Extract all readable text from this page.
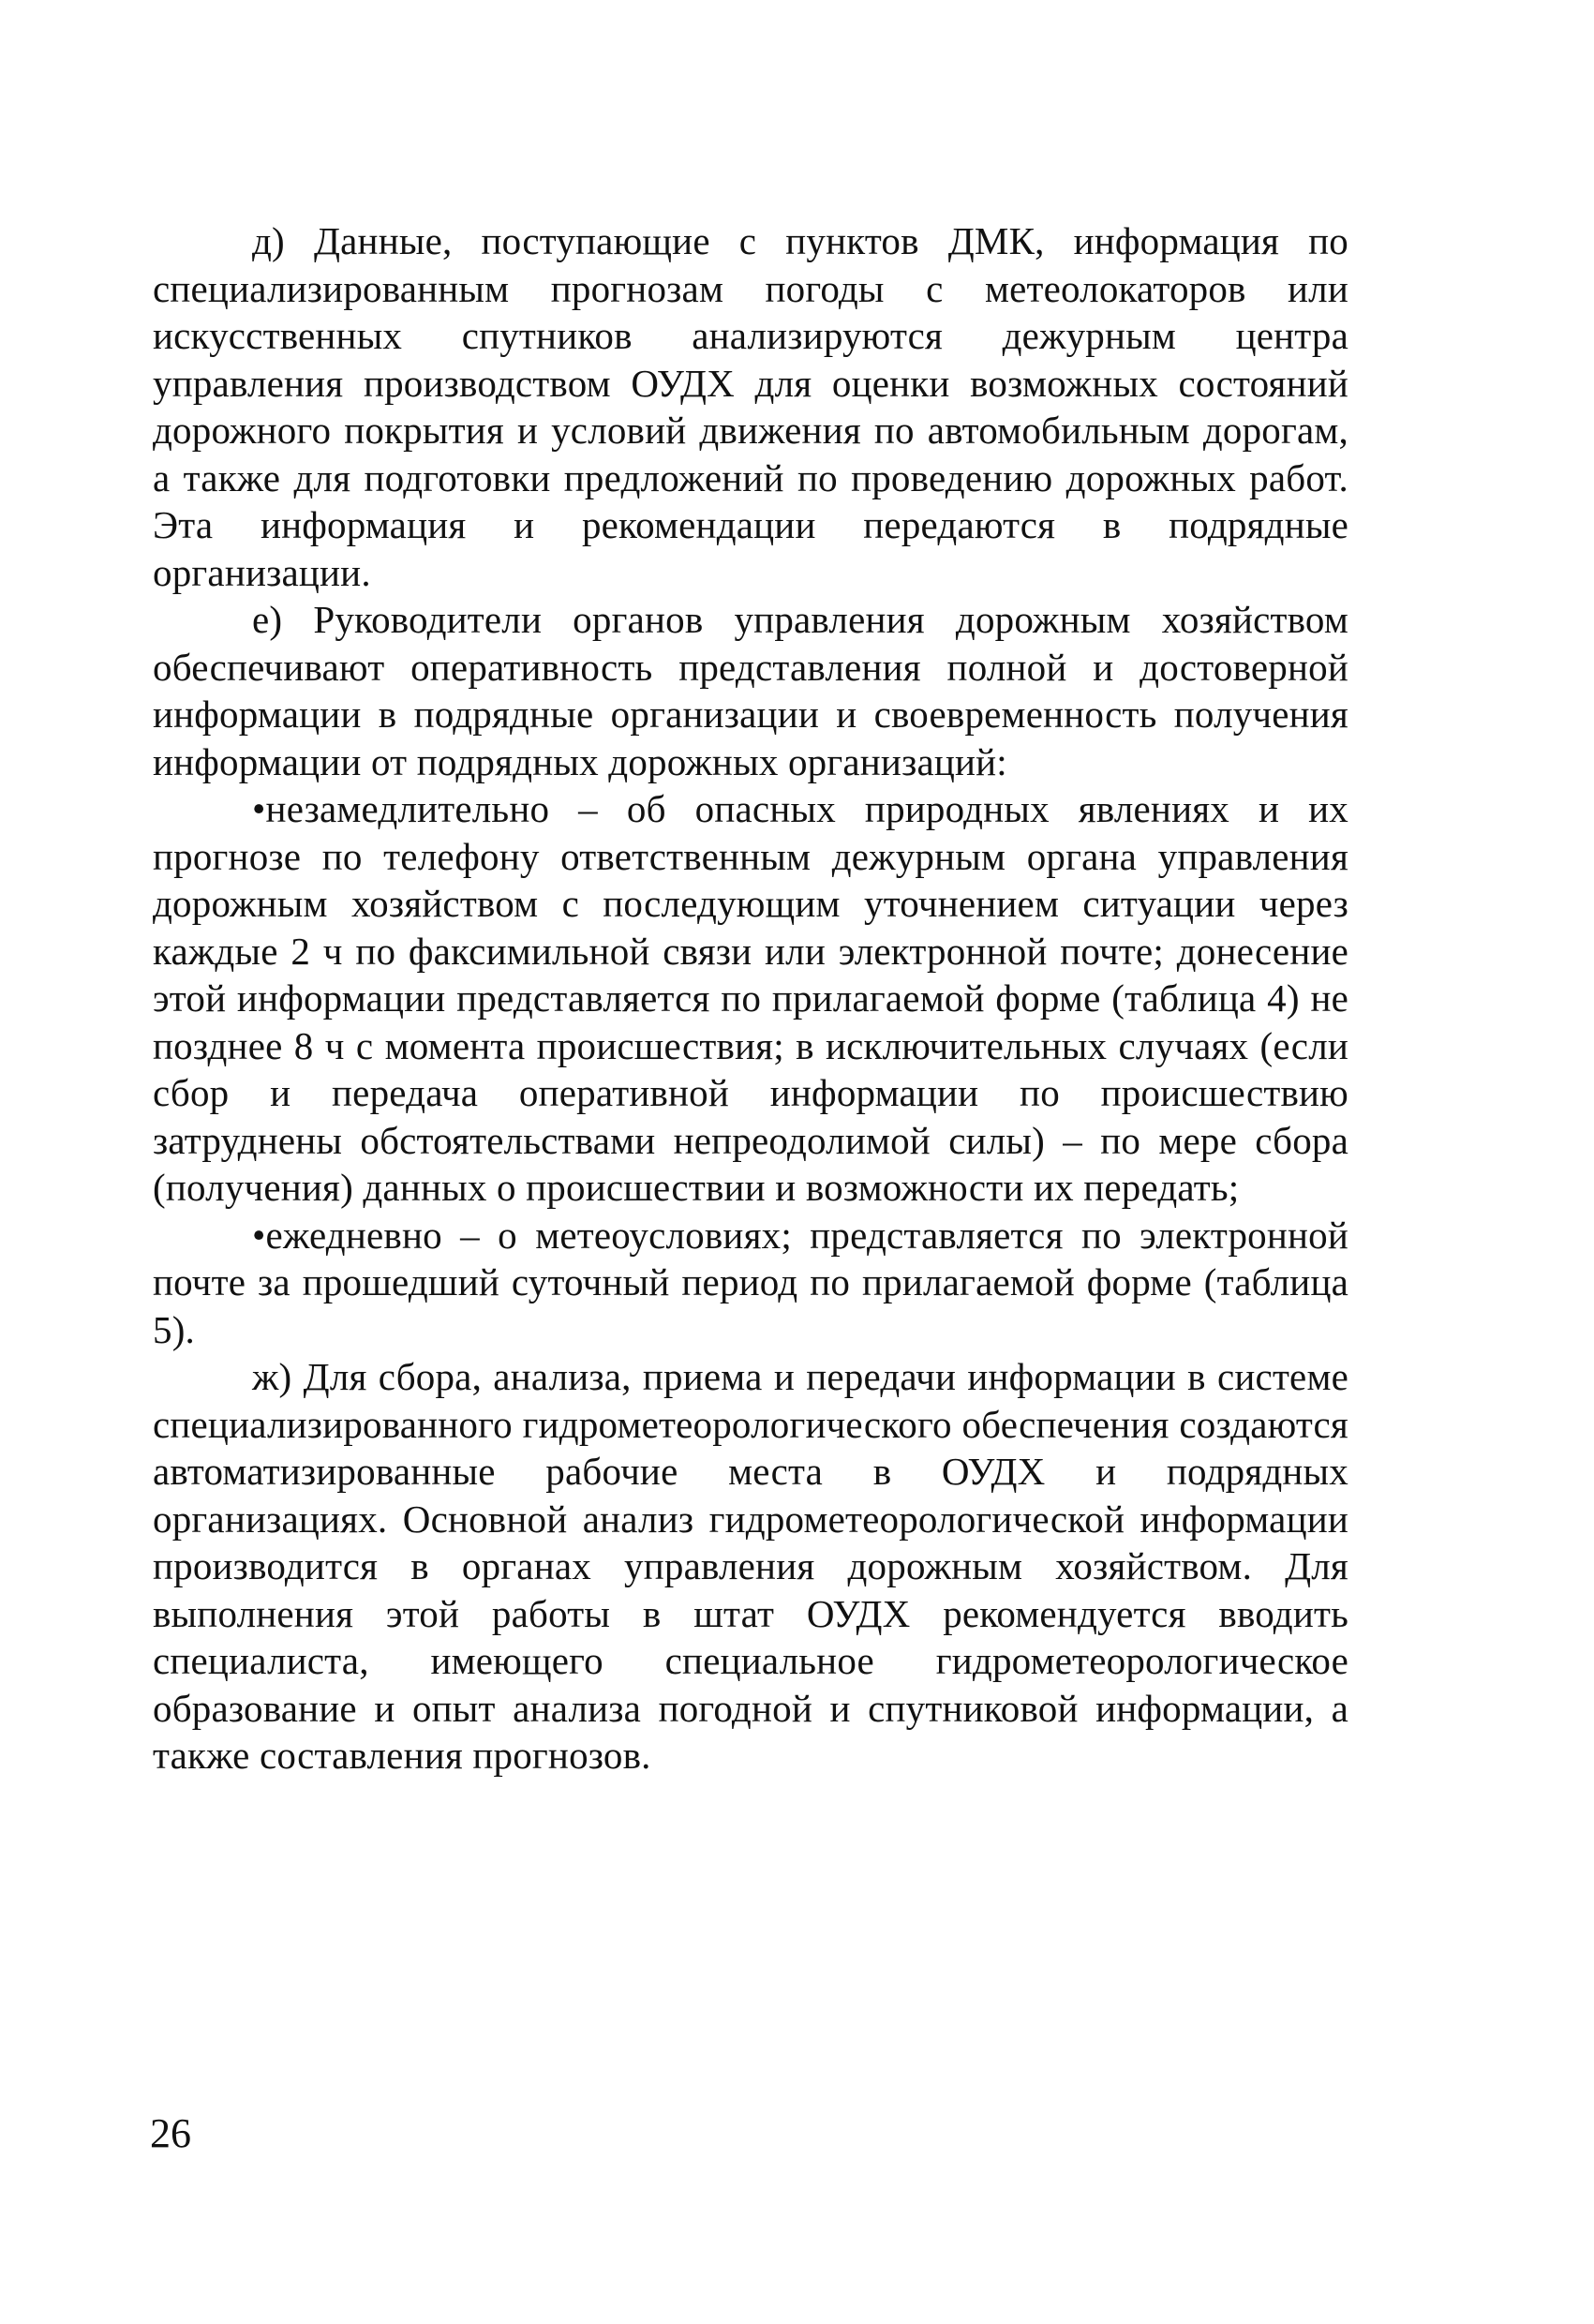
д) Данные, поступающие с пунктов ДМК, информация по специализированным прогнозам погоды с метеолокаторов или искусственных спутников анализируются дежурным центра управления производством ОУДХ для оценки возможных состояний дорожного покрытия и условий движения по автомобильным дорогам, а также для подготовки предложений по проведению дорожных работ. Эта информация и рекомендации передаются в подрядные организации.

е) Руководители органов управления дорожным хозяйством обеспечивают оперативность представления полной и достоверной информации в подрядные организации и своевременность получения информации от подрядных дорожных организаций:

•незамедлительно – об опасных природных явлениях и их прогнозе по телефону ответственным дежурным органа управления дорожным хозяйством с последующим уточнением ситуации через каждые 2 ч по факсимильной связи или электронной почте; донесение этой информации представляется по прилагаемой форме (таблица 4) не позднее 8 ч с момента происшествия; в исключительных случаях (если сбор и передача оперативной информации по происшествию затруднены обстоятельствами непреодолимой силы) – по мере сбора (получения) данных о происшествии и возможности их передать;

•ежедневно – о метеоусловиях; представляется по электронной почте за прошедший суточный период по прилагаемой форме (таблица 5).

ж) Для сбора, анализа, приема и передачи информации в системе специализированного гидрометеорологического обеспечения создаются автоматизированные рабочие места в ОУДХ и подрядных организациях. Основной анализ гидрометеорологической информации производится в органах управления дорожным хозяйством. Для выполнения этой работы в штат ОУДХ рекомендуется вводить специалиста, имеющего специальное гидрометеорологическое образование и опыт анализа погодной и спутниковой информации, а также составления прогнозов.

26
